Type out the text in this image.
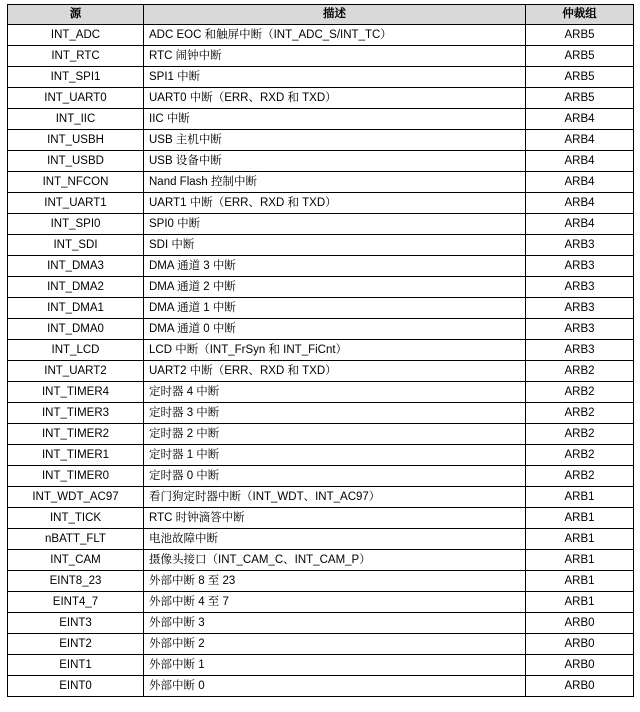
源	描述	仲裁组
INT_ADC	ADC EOC 和触屏中断（INT_ADC_S/INT_TC）	ARB5
INT_RTC	RTC 闹钟中断	ARB5
INT_SPI1	SPI1 中断	ARB5
INT_UART0	UART0 中断（ERR、RXD 和 TXD）	ARB5
INT_IIC	IIC 中断	ARB4
INT_USBH	USB 主机中断	ARB4
INT_USBD	USB 设备中断	ARB4
INT_NFCON	Nand Flash 控制中断	ARB4
INT_UART1	UART1 中断（ERR、RXD 和 TXD）	ARB4
INT_SPI0	SPI0 中断	ARB4
INT_SDI	SDI 中断	ARB3
INT_DMA3	DMA 通道 3 中断	ARB3
INT_DMA2	DMA 通道 2 中断	ARB3
INT_DMA1	DMA 通道 1 中断	ARB3
INT_DMA0	DMA 通道 0 中断	ARB3
INT_LCD	LCD 中断（INT_FrSyn 和 INT_FiCnt）	ARB3
INT_UART2	UART2 中断（ERR、RXD 和 TXD）	ARB2
INT_TIMER4	定时器 4 中断	ARB2
INT_TIMER3	定时器 3 中断	ARB2
INT_TIMER2	定时器 2 中断	ARB2
INT_TIMER1	定时器 1 中断	ARB2
INT_TIMER0	定时器 0 中断	ARB2
INT_WDT_AC97	看门狗定时器中断（INT_WDT、INT_AC97）	ARB1
INT_TICK	RTC 时钟滴答中断	ARB1
nBATT_FLT	电池故障中断	ARB1
INT_CAM	摄像头接口（INT_CAM_C、INT_CAM_P）	ARB1
EINT8_23	外部中断 8 至 23	ARB1
EINT4_7	外部中断 4 至 7	ARB1
EINT3	外部中断 3	ARB0
EINT2	外部中断 2	ARB0
EINT1	外部中断 1	ARB0
EINT0	外部中断 0	ARB0
